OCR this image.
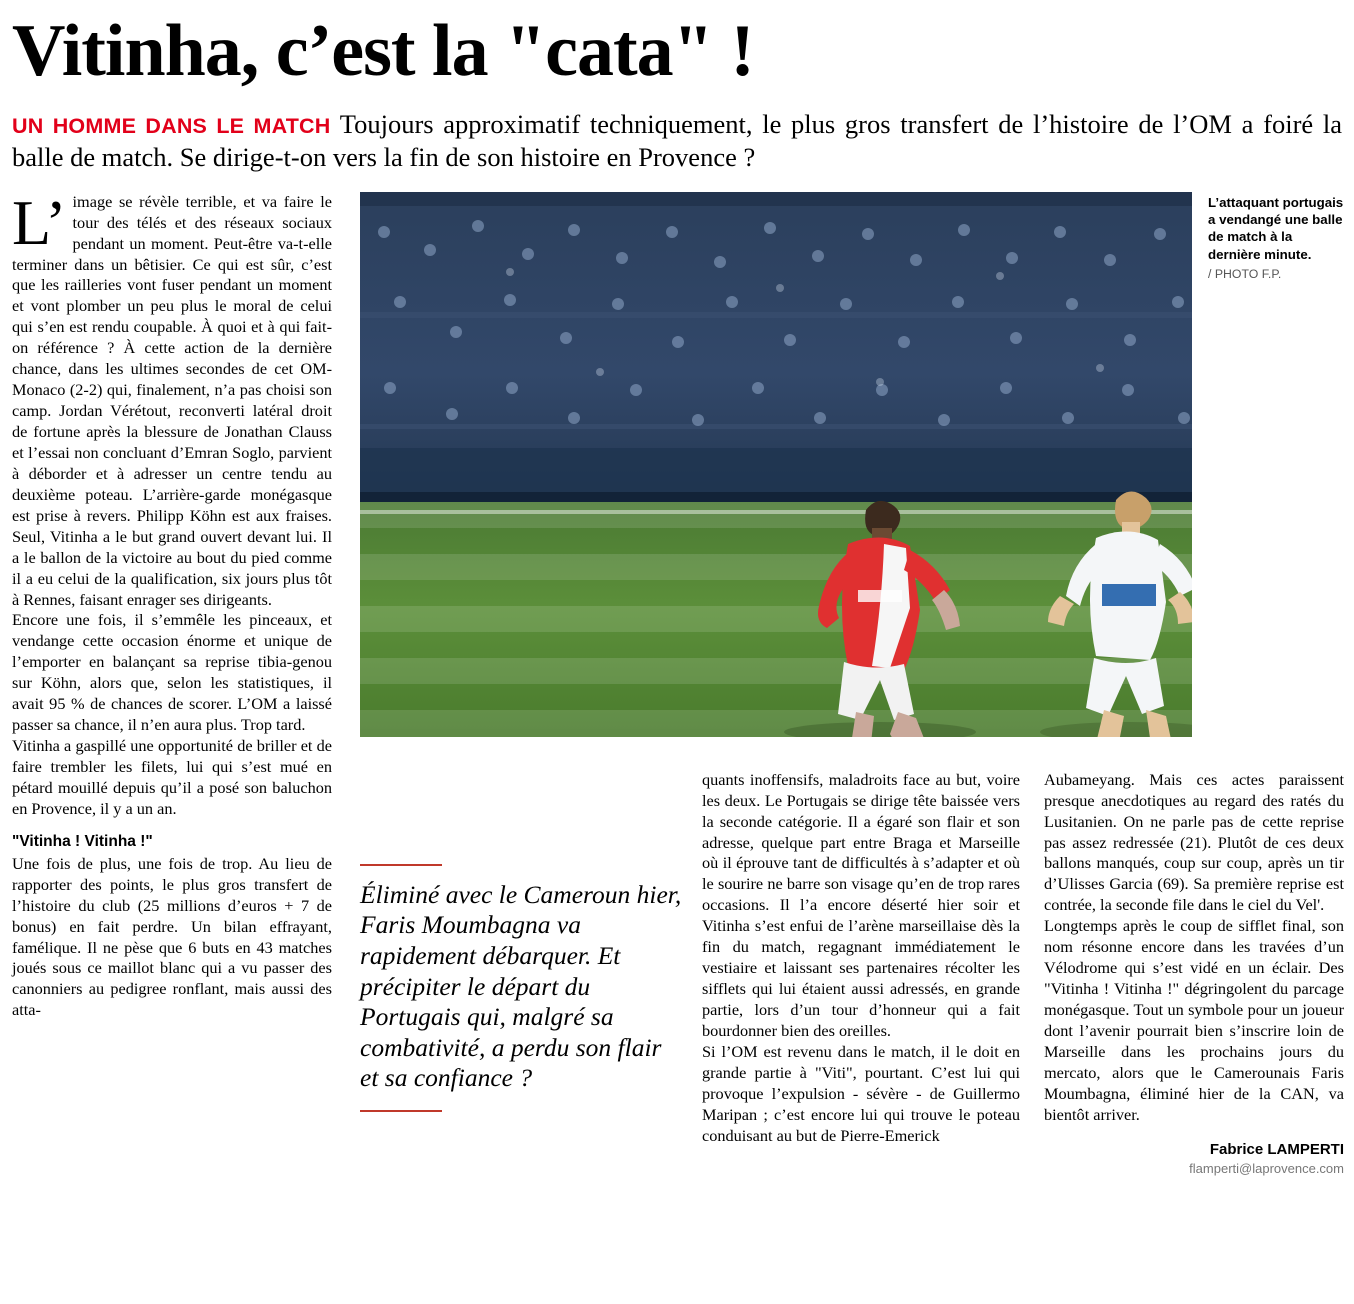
Vitinha, c’est la "cata" !
UN HOMME DANS LE MATCH Toujours approximatif techniquement, le plus gros transfert de l’histoire de l’OM a foiré la balle de match. Se dirige-t-on vers la fin de son histoire en Provence ?

L’image se révèle terrible, et va faire le tour des télés et des réseaux sociaux pendant un moment. Peut-être va-t-elle terminer dans un bêtisier. Ce qui est sûr, c’est que les railleries vont fuser pendant un moment et vont plomber un peu plus le moral de celui qui s’en est rendu coupable. À quoi et à qui fait-on référence ? À cette action de la dernière chance, dans les ultimes secondes de cet OM-Monaco (2-2) qui, finalement, n’a pas choisi son camp. Jordan Vérétout, reconverti latéral droit de fortune après la blessure de Jonathan Clauss et l’essai non concluant d’Emran Soglo, parvient à déborder et à adresser un centre tendu au deuxième poteau. L’arrière-garde monégasque est prise à revers. Philipp Köhn est aux fraises. Seul, Vitinha a le but grand ouvert devant lui. Il a le ballon de la victoire au bout du pied comme il a eu celui de la qualification, six jours plus tôt à Rennes, faisant enrager ses dirigeants.

Encore une fois, il s’emmêle les pinceaux, et vendange cette occasion énorme et unique de l’emporter en balançant sa reprise tibia-genou sur Köhn, alors que, selon les statistiques, il avait 95 % de chances de scorer. L’OM a laissé passer sa chance, il n’en aura plus. Trop tard.

Vitinha a gaspillé une opportunité de briller et de faire trembler les filets, lui qui s’est mué en pétard mouillé depuis qu’il a posé son baluchon en Provence, il y a un an.

"Vitinha ! Vitinha !"

Une fois de plus, une fois de trop. Au lieu de rapporter des points, le plus gros transfert de l’histoire du club (25 millions d’euros + 7 de bonus) en fait perdre. Un bilan effrayant, famélique. Il ne pèse que 6 buts en 43 matches joués sous ce maillot blanc qui a vu passer des canonniers au pedigree ronflant, mais aussi des atta-

L’attaquant portugais a vendangé une balle de match à la dernière minute.
/ PHOTO F.P.
Éliminé avec le Cameroun hier, Faris Moumbagna va rapidement débarquer. Et précipiter le départ du Portugais qui, malgré sa combativité, a perdu son flair et sa confiance ?

quants inoffensifs, maladroits face au but, voire les deux. Le Portugais se dirige tête baissée vers la seconde catégorie. Il a égaré son flair et son adresse, quelque part entre Braga et Marseille où il éprouve tant de difficultés à s’adapter et où le sourire ne barre son visage qu’en de trop rares occasions. Il l’a encore déserté hier soir et Vitinha s’est enfui de l’arène marseillaise dès la fin du match, regagnant immédiatement le vestiaire et laissant ses partenaires récolter les sifflets qui lui étaient aussi adressés, en grande partie, lors d’un tour d’honneur qui a fait bourdonner bien des oreilles.

Si l’OM est revenu dans le match, il le doit en grande partie à "Viti", pourtant. C’est lui qui provoque l’expulsion - sévère - de Guillermo Maripan ; c’est encore lui qui trouve le poteau conduisant au but de Pierre-Emerick

Aubameyang. Mais ces actes paraissent presque anecdotiques au regard des ratés du Lusitanien. On ne parle pas de cette reprise pas assez redressée (21). Plutôt de ces deux ballons manqués, coup sur coup, après un tir d’Ulisses Garcia (69). Sa première reprise est contrée, la seconde file dans le ciel du Vel'.

Longtemps après le coup de sifflet final, son nom résonne encore dans les travées d’un Vélodrome qui s’est vidé en un éclair. Des "Vitinha ! Vitinha !" dégringolent du parcage monégasque. Tout un symbole pour un joueur dont l’avenir pourrait bien s’inscrire loin de Marseille dans les prochains jours du mercato, alors que le Camerounais Faris Moumbagna, éliminé hier de la CAN, va bientôt arriver.

Fabrice LAMPERTI
flamperti@laprovence.com
